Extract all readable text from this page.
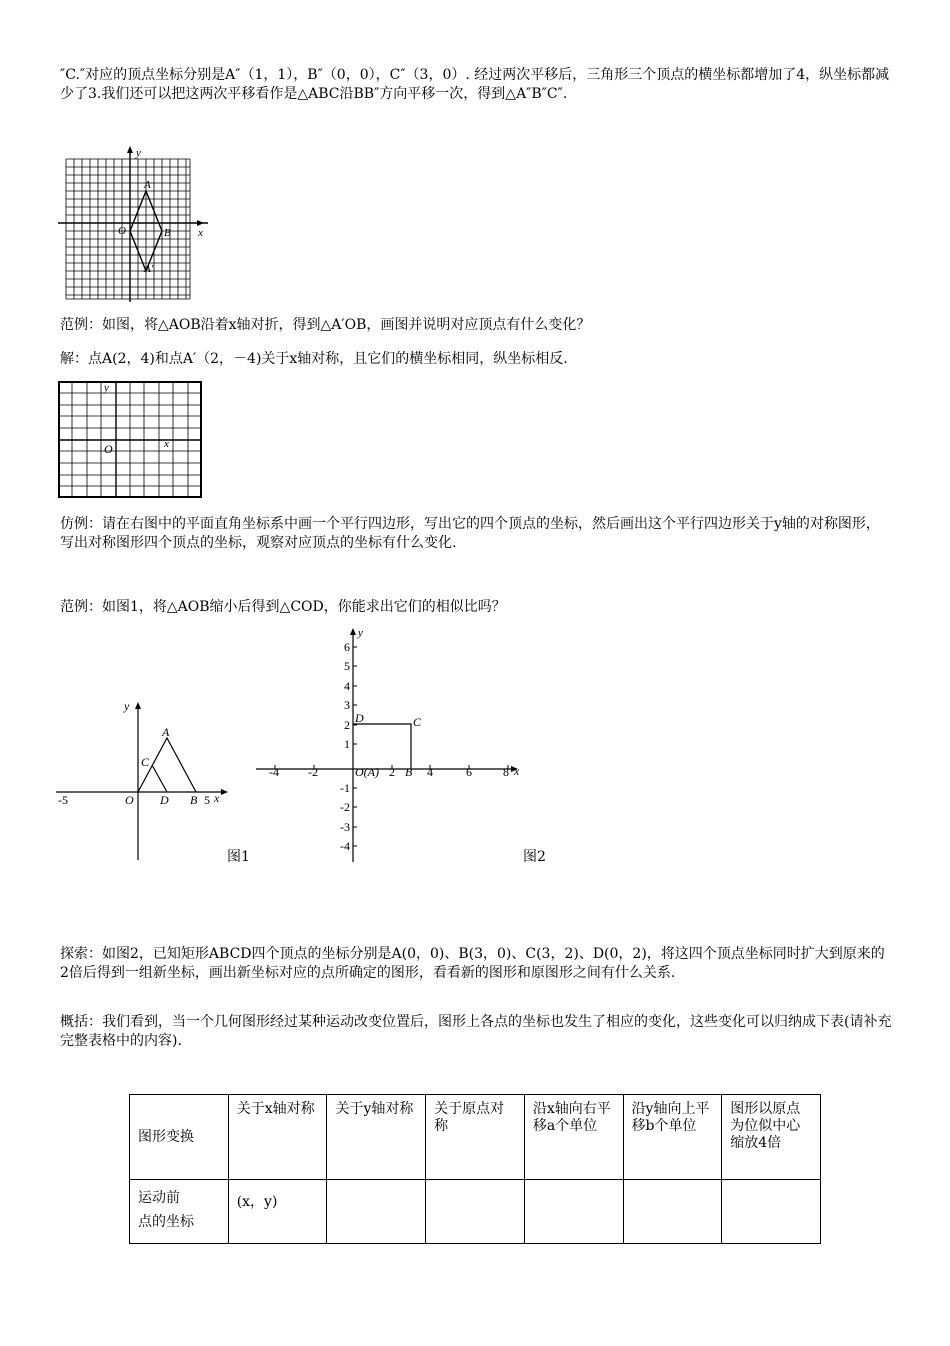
″C.″对应的顶点坐标分别是A″（1，1），B″（0，0），C″（3，0）. 经过两次平移后，三角形三个顶点的横坐标都增加了4，纵坐标都减少了3.我们还可以把这两次平移看作是△ABC沿BB″方向平移一次，得到△A″B″C″.

y
x
A
O	B
A′

范例：如图，将△AOB沿着x轴对折，得到△A′OB，画图并说明对应顶点有什么变化？

解：点A(2，4)和点A′（2，－4)关于x轴对称，且它们的横坐标相同，纵坐标相反.

y
x
O

仿例：请在右图中的平面直角坐标系中画一个平行四边形，写出它的四个顶点的坐标，然后画出这个平行四边形关于y轴的对称图形，写出对称图形四个顶点的坐标，观察对应顶点的坐标有什么变化.

范例：如图1，将△AOB缩小后得到△COD，你能求出它们的相似比吗？

y
x
A
C
O D B
-5	5
图1
y
x
D	C
B
O(A)
6
5
4
3
2
1
-1
-2
-3
-4
-4 -2	2	4	6	8
图2

探索：如图2，已知矩形ABCD四个顶点的坐标分别是A(0，0)、B(3，0)、C(3，2)、D(0，2)，将这四个顶点坐标同时扩大到原来的2倍后得到一组新坐标，画出新坐标对应的点所确定的图形，看看新的图形和原图形之间有什么关系.

概括：我们看到，当一个几何图形经过某种运动改变位置后，图形上各点的坐标也发生了相应的变化，这些变化可以归纳成下表(请补充完整表格中的内容).

图形变换	关于x轴对称	关于y轴对称	关于原点对称	沿x轴向右平移a个单位	沿y轴向上平移b个单位	图形以原点为位似中心缩放4倍

运动前
点的坐标	(x，y)					
